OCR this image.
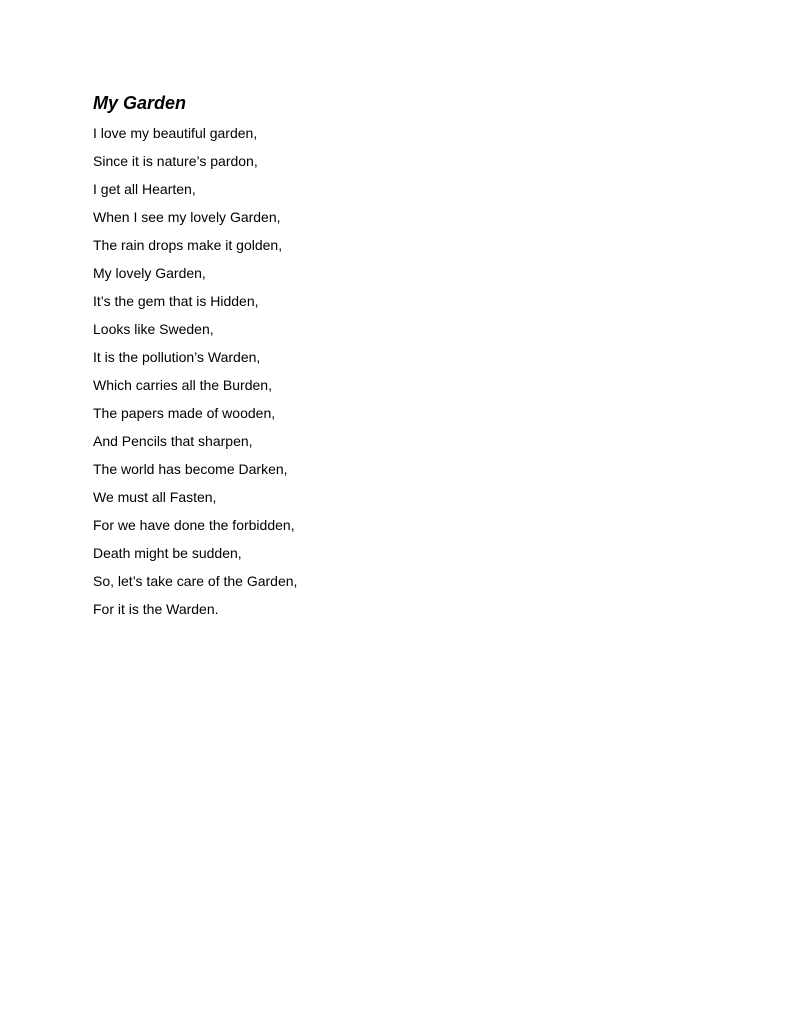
My Garden
I love my beautiful garden,
Since it is nature’s pardon,
I get all Hearten,
When I see my lovely Garden,
The rain drops make it golden,
My lovely Garden,
It’s the gem that is Hidden,
Looks like Sweden,
It is the pollution’s Warden,
Which carries all the Burden,
The papers made of wooden,
And Pencils that sharpen,
The world has become Darken,
We must all Fasten,
For we have done the forbidden,
Death might be sudden,
So, let’s take care of the Garden,
For it is the Warden.
